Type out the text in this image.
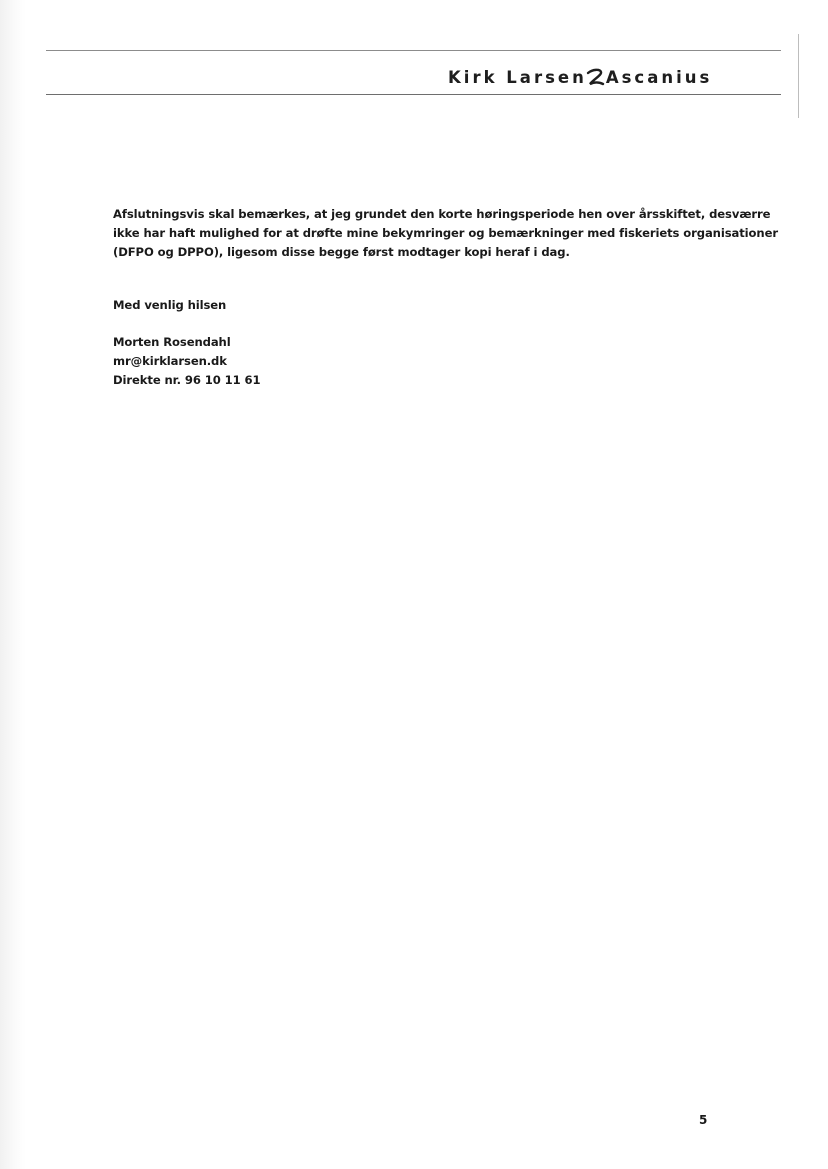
Kirk Larsen Ascanius
Afslutningsvis skal bemærkes, at jeg grundet den korte høringsperiode hen over årsskiftet, desværre
ikke har haft mulighed for at drøfte mine bekymringer og bemærkninger med fiskeriets organisationer
(DFPO og DPPO), ligesom disse begge først modtager kopi heraf i dag.
Med venlig hilsen
Morten Rosendahl
mr@kirklarsen.dk
Direkte nr. 96 10 11 61
5
